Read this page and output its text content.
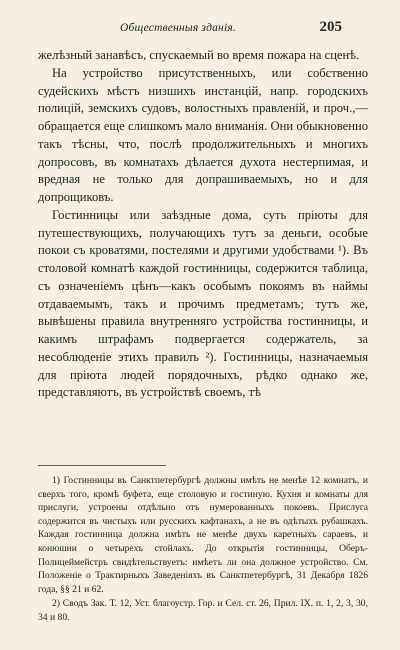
Общественныя зданія.	205

желѣзный занавѣсъ, спускаемый во время пожара на сценѣ.

На устройство присутственныхъ, или собственно судейскихъ мѣстъ низшихъ инстанцій, напр. городскихъ полицій, земскихъ судовъ, волостныхъ правленій, и проч.,—обращается еще слишкомъ мало вниманія. Они обыкновенно такъ тѣсны, что, послѣ продолжительныхъ и многихъ допросовъ, въ комнатахъ дѣлается духота нестерпимая, и вредная не только для допрашиваемыхъ, но и для допрощиковъ.

Гостинницы или заѣздные дома, суть пріюты для путешествующихъ, получающихъ тутъ за деньги, особые покои съ кроватями, постелями и другими удобствами ¹). Въ столовой комнатѣ каждой гостинницы, содержится таблица, съ означеніемъ цѣнъ—какъ особымъ покоямъ въ наймы отдаваемымъ, такъ и прочимъ предметамъ; тутъ же, вывѣшены правила внутренняго устройства гостинницы, и какимъ штрафамъ подвергается содержатель, за несоблюденіе этихъ правилъ ²). Гостинницы, назначаемыя для пріюта людей порядочныхъ, рѣдко однако же, представляютъ, въ устройствѣ своемъ, тѣ

1) Гостинницы въ Санктпетербургѣ должны имѣть не менѣе 12 комнатъ, и сверхъ того, кромѣ буфета, еще столовую и гостиную. Кухня и комнаты для прислуги, устроены отдѣльно отъ нумерованныхъ покоевъ. Прислуга содержится въ чистыхъ или русскихъ кафтанахъ, а не въ одѣтыхъ рубашкахъ. Каждая гостинница должна имѣть не менѣе двухъ каретныхъ сараевъ, и конюшни о четырехъ стойлахъ. До открытія гостинницы, Оберъ-Полицеймейстръ свидѣтельствуетъ: имѣетъ ли она должное устройство. См. Положеніе о Трактирныхъ Заведеніяхъ въ Санктпетербургѣ, 31 Декабря 1826 года, §§ 21 и 62.

2) Сводъ Зак. Т. 12, Уст. благоустр. Гор. и Сел. ст. 26, Прил. IX. п. 1, 2, 3, 30, 34 и 80.
